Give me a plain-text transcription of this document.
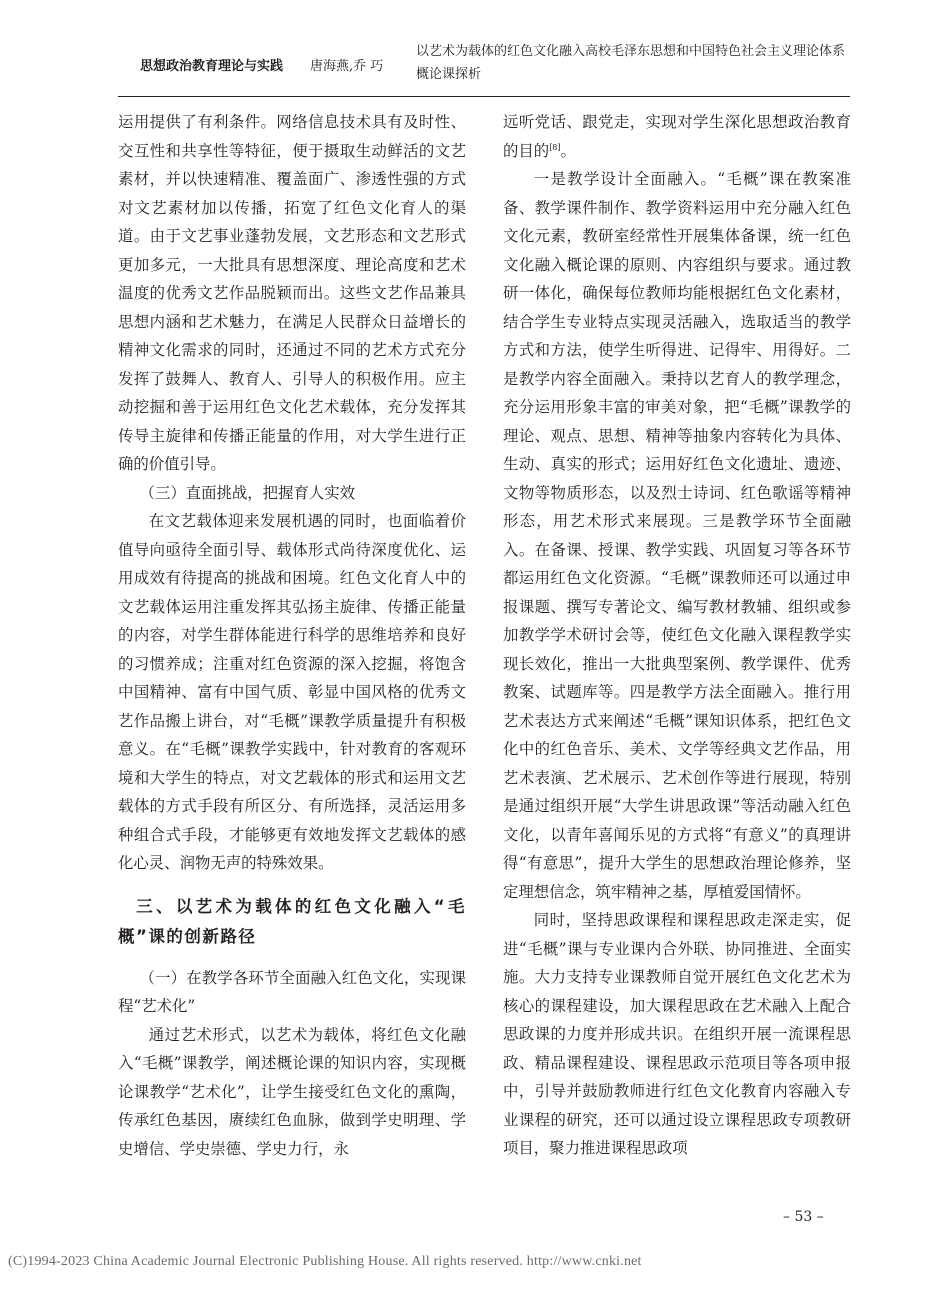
思想政治教育理论与实践 唐海燕,乔 巧
以艺术为载体的红色文化融入高校毛泽东思想和中国特色社会主义理论体系概论课探析

运用提供了有利条件。网络信息技术具有及时性、交互性和共享性等特征，便于摄取生动鲜活的文艺素材，并以快速精准、覆盖面广、渗透性强的方式对文艺素材加以传播，拓宽了红色文化育人的渠道。由于文艺事业蓬勃发展，文艺形态和文艺形式更加多元，一大批具有思想深度、理论高度和艺术温度的优秀文艺作品脱颖而出。这些文艺作品兼具思想内涵和艺术魅力，在满足人民群众日益增长的精神文化需求的同时，还通过不同的艺术方式充分发挥了鼓舞人、教育人、引导人的积极作用。应主动挖掘和善于运用红色文化艺术载体，充分发挥其传导主旋律和传播正能量的作用，对大学生进行正确的价值引导。

（三）直面挑战，把握育人实效

在文艺载体迎来发展机遇的同时，也面临着价值导向亟待全面引导、载体形式尚待深度优化、运用成效有待提高的挑战和困境。红色文化育人中的文艺载体运用注重发挥其弘扬主旋律、传播正能量的内容，对学生群体能进行科学的思维培养和良好的习惯养成；注重对红色资源的深入挖掘，将饱含中国精神、富有中国气质、彰显中国风格的优秀文艺作品搬上讲台，对“毛概”课教学质量提升有积极意义。在“毛概”课教学实践中，针对教育的客观环境和大学生的特点，对文艺载体的形式和运用文艺载体的方式手段有所区分、有所选择，灵活运用多种组合式手段，才能够更有效地发挥文艺载体的感化心灵、润物无声的特殊效果。

三、以艺术为载体的红色文化融入“毛概”课的创新路径

（一）在教学各环节全面融入红色文化，实现课程“艺术化”

通过艺术形式，以艺术为载体，将红色文化融入“毛概”课教学，阐述概论课的知识内容，实现概论课教学“艺术化”，让学生接受红色文化的熏陶，传承红色基因，赓续红色血脉，做到学史明理、学史增信、学史崇德、学史力行，永

远听党话、跟党走，实现对学生深化思想政治教育的目的[8]。

一是教学设计全面融入。“毛概”课在教案准备、教学课件制作、教学资料运用中充分融入红色文化元素，教研室经常性开展集体备课，统一红色文化融入概论课的原则、内容组织与要求。通过教研一体化，确保每位教师均能根据红色文化素材，结合学生专业特点实现灵活融入，选取适当的教学方式和方法，使学生听得进、记得牢、用得好。二是教学内容全面融入。秉持以艺育人的教学理念，充分运用形象丰富的审美对象，把“毛概”课教学的理论、观点、思想、精神等抽象内容转化为具体、生动、真实的形式；运用好红色文化遗址、遗迹、文物等物质形态，以及烈士诗词、红色歌谣等精神形态，用艺术形式来展现。三是教学环节全面融入。在备课、授课、教学实践、巩固复习等各环节都运用红色文化资源。“毛概”课教师还可以通过申报课题、撰写专著论文、编写教材教辅、组织或参加教学学术研讨会等，使红色文化融入课程教学实现长效化，推出一大批典型案例、教学课件、优秀教案、试题库等。四是教学方法全面融入。推行用艺术表达方式来阐述“毛概”课知识体系，把红色文化中的红色音乐、美术、文学等经典文艺作品，用艺术表演、艺术展示、艺术创作等进行展现，特别是通过组织开展“大学生讲思政课”等活动融入红色文化，以青年喜闻乐见的方式将“有意义”的真理讲得“有意思”，提升大学生的思想政治理论修养，坚定理想信念，筑牢精神之基，厚植爱国情怀。

同时，坚持思政课程和课程思政走深走实，促进“毛概”课与专业课内合外联、协同推进、全面实施。大力支持专业课教师自觉开展红色文化艺术为核心的课程建设，加大课程思政在艺术融入上配合思政课的力度并形成共识。在组织开展一流课程思政、精品课程建设、课程思政示范项目等各项申报中，引导并鼓励教师进行红色文化教育内容融入专业课程的研究，还可以通过设立课程思政专项教研项目，聚力推进课程思政项

– 53 –
(C)1994-2023 China Academic Journal Electronic Publishing House. All rights reserved. http://www.cnki.net
